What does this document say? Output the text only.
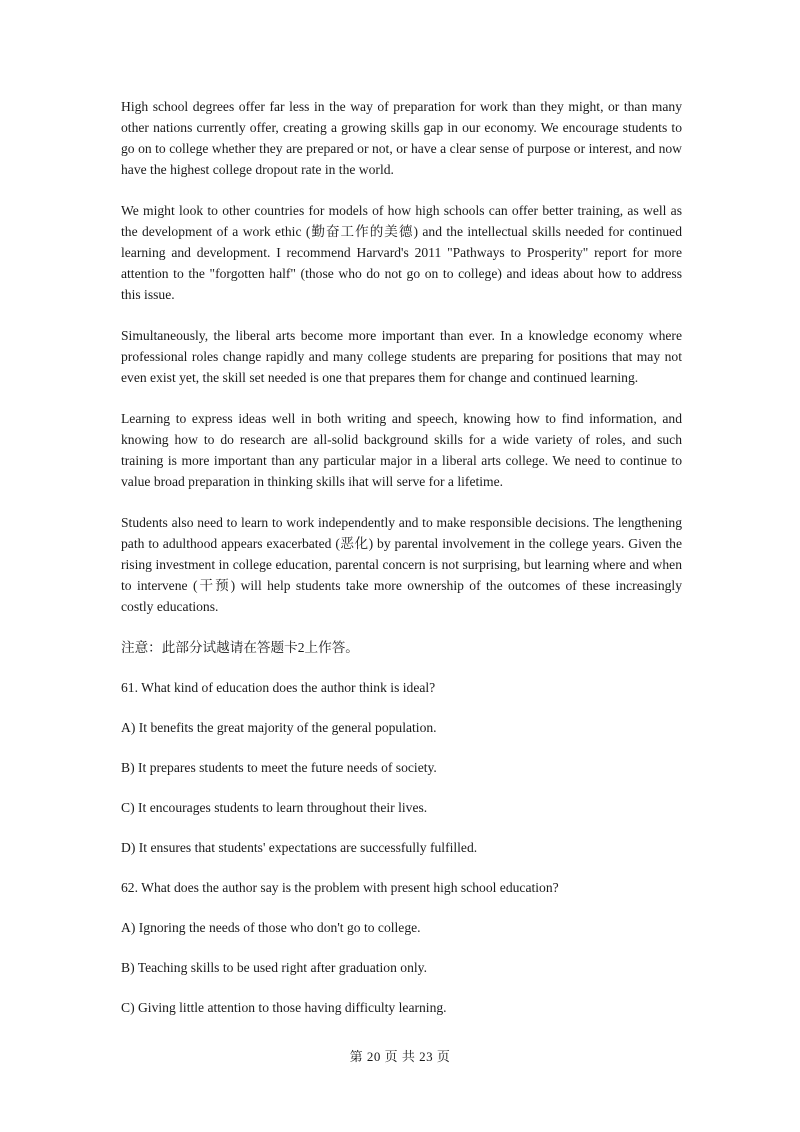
High school degrees offer far less in the way of preparation for work than they might, or than many other nations currently offer, creating a growing skills gap in our economy. We encourage students to go on to college whether they are prepared or not, or have a clear sense of purpose or interest, and now have the highest college dropout rate in the world.

We might look to other countries for models of how high schools can offer better training, as well as the development of a work ethic (勤奋工作的美德) and the intellectual skills needed for continued learning and development. I recommend Harvard's 2011 "Pathways to Prosperity" report for more attention to the "forgotten half" (those who do not go on to college) and ideas about how to address this issue.

Simultaneously, the liberal arts become more important than ever. In a knowledge economy where professional roles change rapidly and many college students are preparing for positions that may not even exist yet, the skill set needed is one that prepares them for change and continued learning.

Learning to express ideas well in both writing and speech, knowing how to find information, and knowing how to do research are all-solid background skills for a wide variety of roles, and such training is more important than any particular major in a liberal arts college. We need to continue to value broad preparation in thinking skills ihat will serve for a lifetime.

Students also need to learn to work independently and to make responsible decisions. The lengthening path to adulthood appears exacerbated (恶化) by parental involvement in the college years. Given the rising investment in college education, parental concern is not surprising, but learning where and when to intervene (干预) will help students take more ownership of the outcomes of these increasingly costly educations.

注意：此部分试越请在答题卡2上作答。

61. What kind of education does the author think is ideal?

A) It benefits the great majority of the general population.

B) It prepares students to meet the future needs of society.

C) It encourages students to learn throughout their lives.

D) It ensures that students' expectations are successfully fulfilled.

62. What does the author say is the problem with present high school education?

A) Ignoring the needs of those who don't go to college.

B) Teaching skills to be used right after graduation only.

C) Giving little attention to those having difficulty learning.

第 20 页 共 23 页
